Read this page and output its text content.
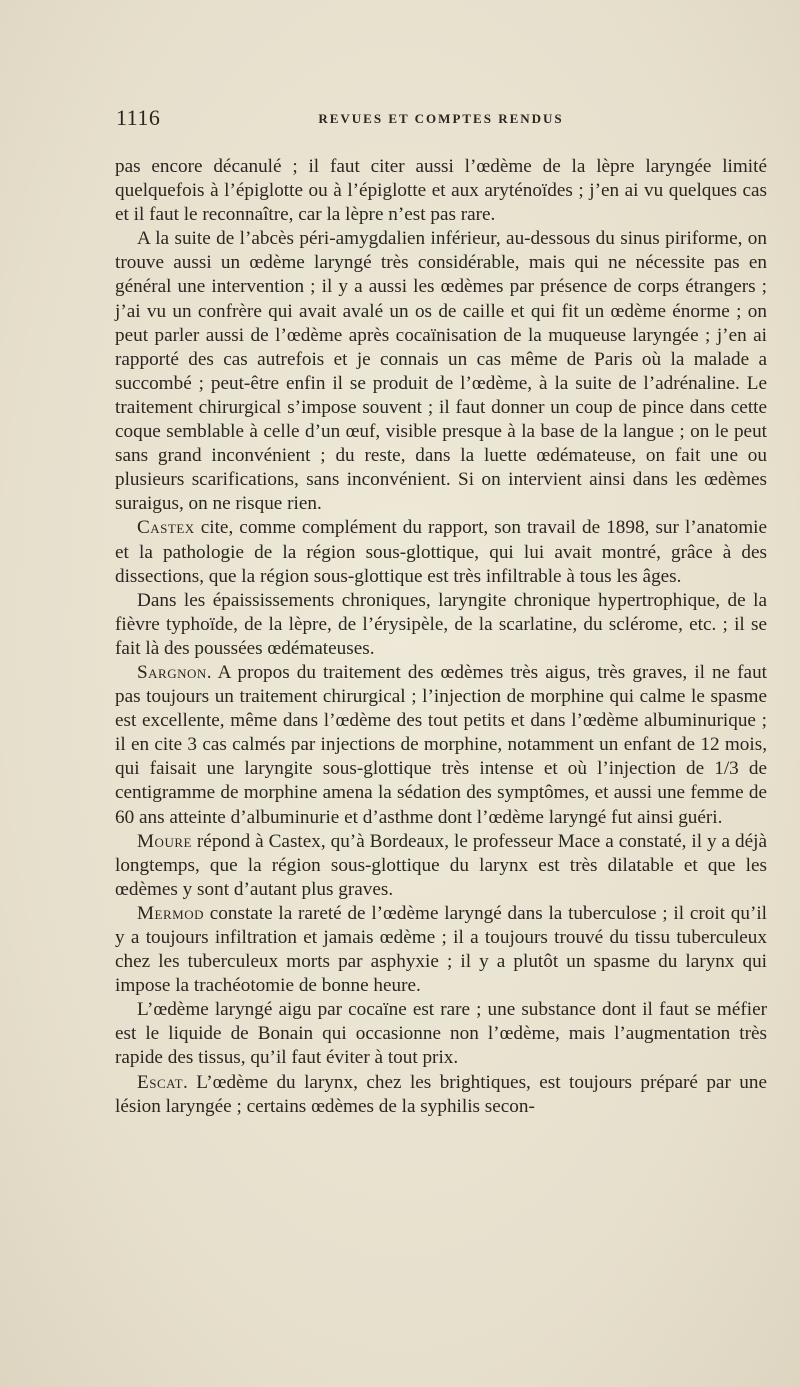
1116	REVUES ET COMPTES RENDUS

pas encore décanulé ; il faut citer aussi l’œdème de la lèpre laryngée limité quelquefois à l’épiglotte ou à l’épiglotte et aux aryténoïdes ; j’en ai vu quelques cas et il faut le reconnaître, car la lèpre n’est pas rare.

A la suite de l’abcès péri-amygdalien inférieur, au-dessous du sinus piriforme, on trouve aussi un œdème laryngé très considérable, mais qui ne nécessite pas en général une intervention ; il y a aussi les œdèmes par présence de corps étrangers ; j’ai vu un confrère qui avait avalé un os de caille et qui fit un œdème énorme ; on peut parler aussi de l’œdème après cocaïnisation de la muqueuse laryngée ; j’en ai rapporté des cas autrefois et je connais un cas même de Paris où la malade a succombé ; peut-être enfin il se produit de l’œdème, à la suite de l’adrénaline. Le traitement chirurgical s’impose souvent ; il faut donner un coup de pince dans cette coque semblable à celle d’un œuf, visible presque à la base de la langue ; on le peut sans grand inconvénient ; du reste, dans la luette œdémateuse, on fait une ou plusieurs scarifications, sans inconvénient. Si on intervient ainsi dans les œdèmes suraigus, on ne risque rien.

Castex cite, comme complément du rapport, son travail de 1898, sur l’anatomie et la pathologie de la région sous-glottique, qui lui avait montré, grâce à des dissections, que la région sous-glottique est très infiltrable à tous les âges.

Dans les épaississements chroniques, laryngite chronique hypertrophique, de la fièvre typhoïde, de la lèpre, de l’érysipèle, de la scarlatine, du sclérome, etc. ; il se fait là des poussées œdémateuses.

Sargnon. A propos du traitement des œdèmes très aigus, très graves, il ne faut pas toujours un traitement chirurgical ; l’injection de morphine qui calme le spasme est excellente, même dans l’œdème des tout petits et dans l’œdème albuminurique ; il en cite 3 cas calmés par injections de morphine, notamment un enfant de 12 mois, qui faisait une laryngite sous-glottique très intense et où l’injection de 1/3 de centigramme de morphine amena la sédation des symptômes, et aussi une femme de 60 ans atteinte d’albuminurie et d’asthme dont l’œdème laryngé fut ainsi guéri.

Moure répond à Castex, qu’à Bordeaux, le professeur Mace a constaté, il y a déjà longtemps, que la région sous-glottique du larynx est très dilatable et que les œdèmes y sont d’autant plus graves.

Mermod constate la rareté de l’œdème laryngé dans la tuberculose ; il croit qu’il y a toujours infiltration et jamais œdème ; il a toujours trouvé du tissu tuberculeux chez les tuberculeux morts par asphyxie ; il y a plutôt un spasme du larynx qui impose la trachéotomie de bonne heure.

L’œdème laryngé aigu par cocaïne est rare ; une substance dont il faut se méfier est le liquide de Bonain qui occasionne non l’œdème, mais l’augmentation très rapide des tissus, qu’il faut éviter à tout prix.

Escat. L’œdème du larynx, chez les brightiques, est toujours préparé par une lésion laryngée ; certains œdèmes de la syphilis secon-
